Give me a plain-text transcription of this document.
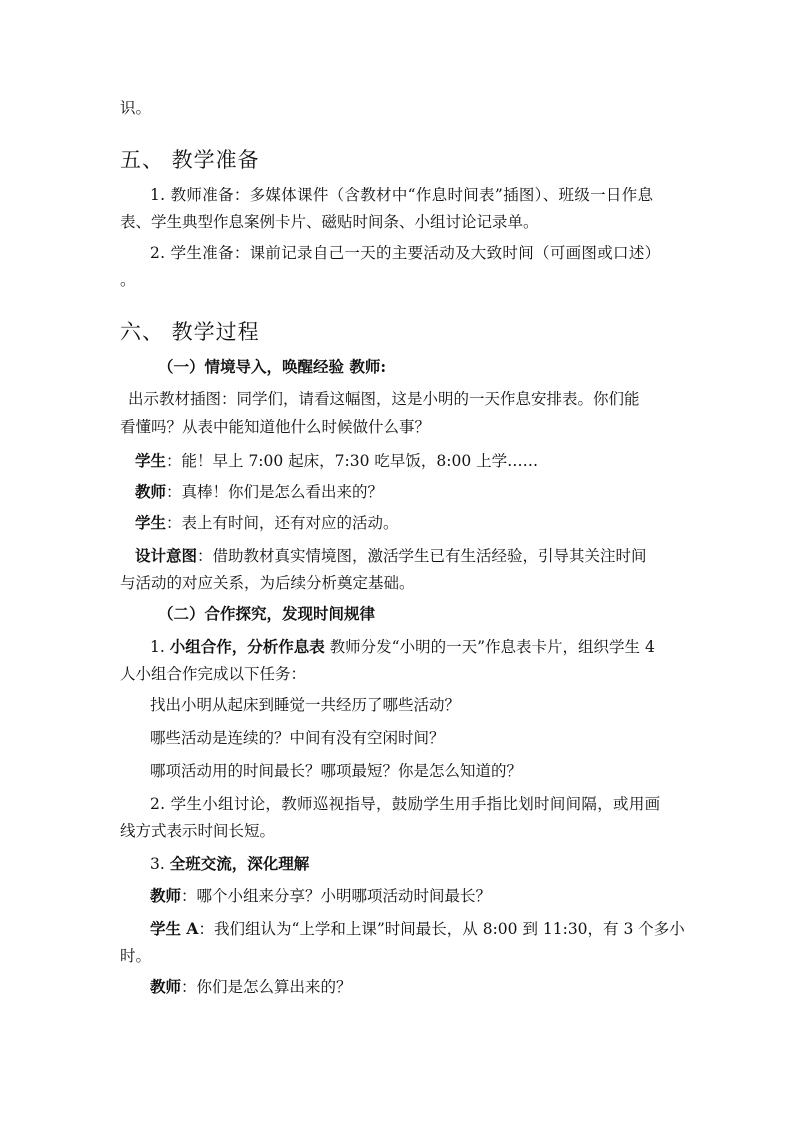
识。
五、 教学准备
1. 教师准备：多媒体课件（含教材中“作息时间表”插图）、班级一日作息
表、学生典型作息案例卡片、磁贴时间条、小组讨论记录单。
2. 学生准备：课前记录自己一天的主要活动及大致时间（可画图或口述）
。
六、 教学过程
（一）情境导入，唤醒经验 教师:
出示教材插图：同学们，请看这幅图，这是小明的一天作息安排表。你们能
看懂吗？从表中能知道他什么时候做什么事？
学生：能！早上 7:00 起床，7:30 吃早饭，8:00 上学……
教师：真棒！你们是怎么看出来的？
学生：表上有时间，还有对应的活动。
设计意图：借助教材真实情境图，激活学生已有生活经验，引导其关注时间
与活动的对应关系，为后续分析奠定基础。
（二）合作探究，发现时间规律
1. 小组合作，分析作息表 教师分发“小明的一天”作息表卡片，组织学生 4
人小组合作完成以下任务：
找出小明从起床到睡觉一共经历了哪些活动？
哪些活动是连续的？中间有没有空闲时间？
哪项活动用的时间最长？哪项最短？你是怎么知道的？
2. 学生小组讨论，教师巡视指导，鼓励学生用手指比划时间间隔，或用画
线方式表示时间长短。
3. 全班交流，深化理解
教师：哪个小组来分享？小明哪项活动时间最长？
学生 A：我们组认为“上学和上课”时间最长，从 8:00 到 11:30，有 3 个多小
时。
教师：你们是怎么算出来的？
